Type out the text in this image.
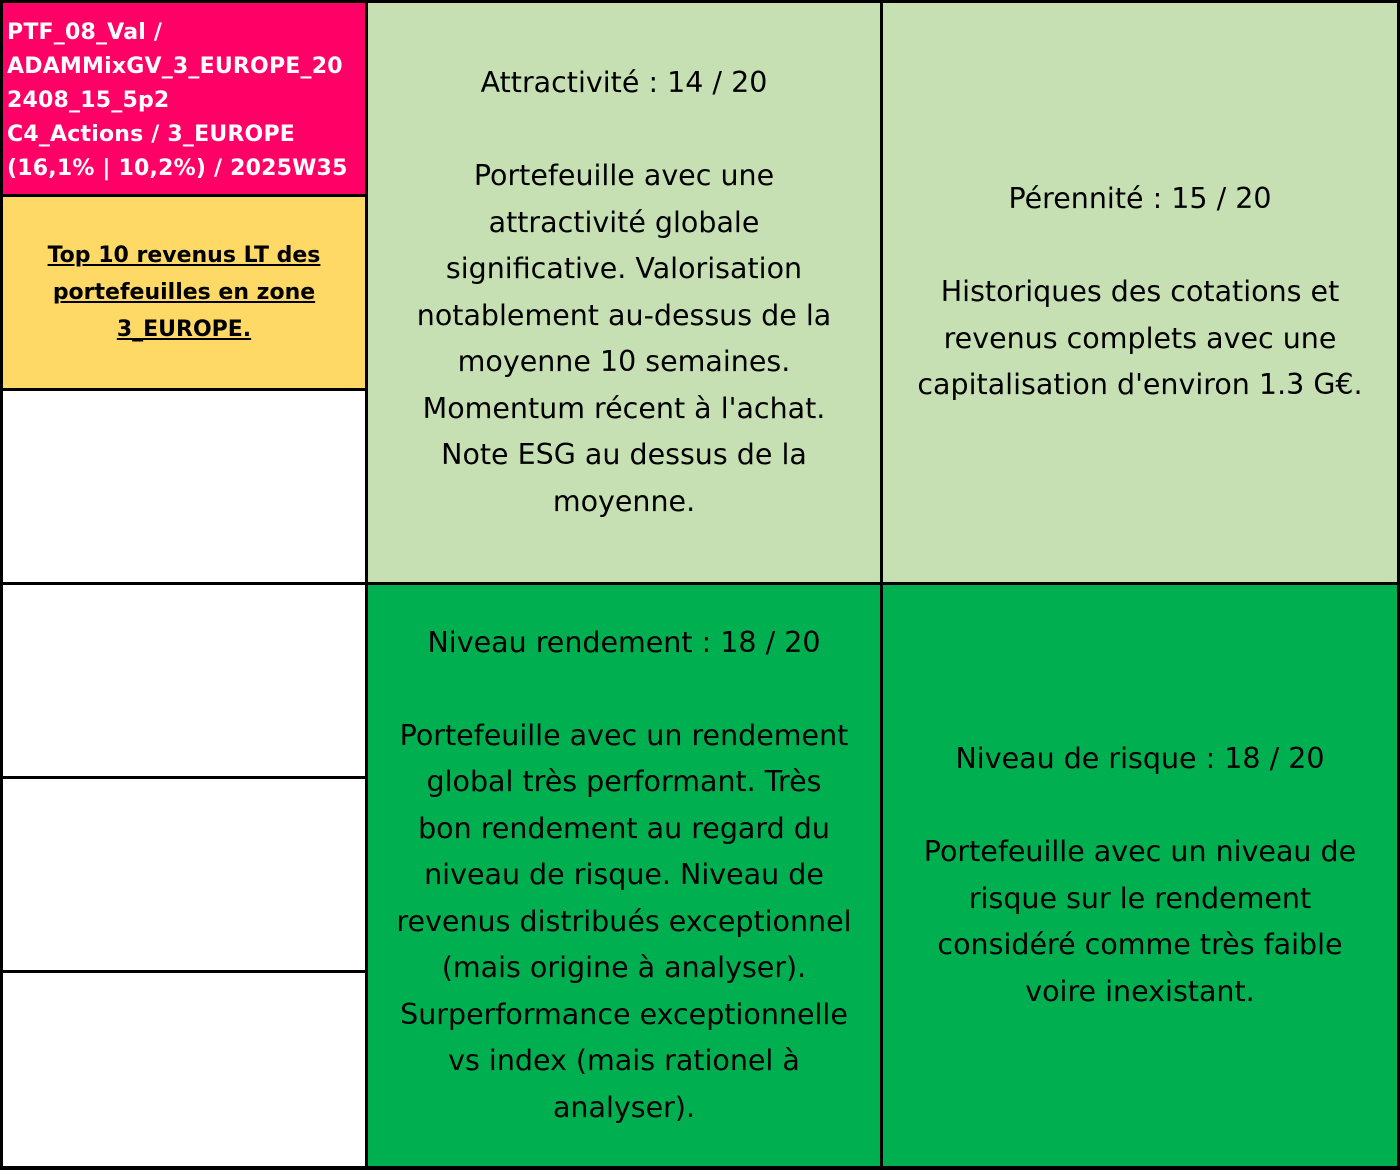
PTF_08_Val /
ADAMMixGV_3_EUROPE_20
2408_15_5p2
C4_Actions / 3_EUROPE
(16,1% | 10,2%) / 2025W35
Top 10 revenus LT des
portefeuilles en zone
3_EUROPE.
Attractivité : 14 / 20
Portefeuille avec une
attractivité globale
significative. Valorisation
notablement au-dessus de la
moyenne 10 semaines.
Momentum récent à l'achat.
Note ESG au dessus de la
moyenne.
Pérennité : 15 / 20
Historiques des cotations et
revenus complets avec une
capitalisation d'environ 1.3 G€.
Niveau rendement : 18 / 20
Portefeuille avec un rendement
global très performant. Très
bon rendement au regard du
niveau de risque. Niveau de
revenus distribués exceptionnel
(mais origine à analyser).
Surperformance exceptionnelle
vs index (mais rationel à
analyser).
Niveau de risque : 18 / 20
Portefeuille avec un niveau de
risque sur le rendement
considéré comme très faible
voire inexistant.
